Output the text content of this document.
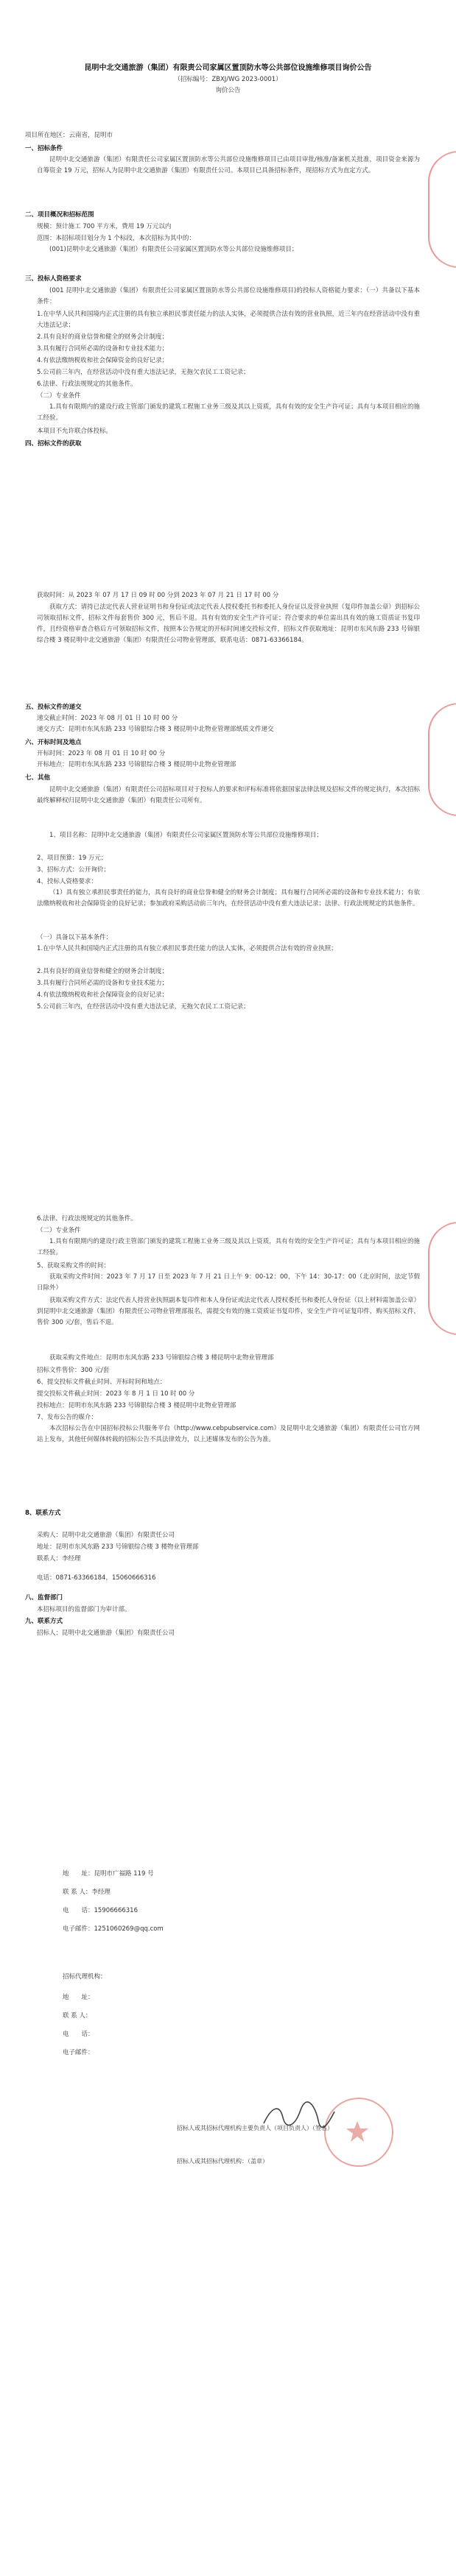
昆明中北交通旅游（集团）有限责公司家属区置顶防水等公共部位设施维修项目询价公告
（招标编号：ZBXJ/WG 2023-0001）
询价公告
项目所在地区：云南省，昆明市
一、招标条件
昆明中北交通旅游（集团）有限责任公司家属区置顶防水等公共部位设施维修项目已由项目审批/核准/备案机关批准，项目资金来源为自筹资金 19 万元，招标人为昆明中北交通旅游（集团）有限责任公司。本项目已具备招标条件，现招标方式为直定方式。
二、项目概况和招标范围
规模：预计施工 700 平方米，费用 19 万元以内
范围：本招标项目划分为 1 个标段，本次招标为其中的：
(001)昆明中北交通旅游（集团）有限责任公司家属区置顶防水等公共部位设施维修项目；
三、投标人资格要求
(001 昆明中北交通旅游（集团）有限责任公司家属区置顶防水等公共部位设施维修项目)的投标人资格能力要求：（一）共备以下基本条件：
1.在中华人民共和国境内正式注册的具有独立承担民事责任能力的法人实体，必须提供合法有效的营业执照，近三年内在经营活动中没有重大违法记录；
2.具有良好的商业信誉和健全的财务会计制度；
3.具有履行合同所必需的设备和专业技术能力；
4.有依法缴纳税收和社会保障资金的良好记录；
5.公司前三年内，在经营活动中没有重大违法记录，无拖欠农民工工资记录；
6.法律、行政法规规定的其他条件。
（二）专业条件
1.具有有限期内的建设行政主管部门颁发的建筑工程施工业务三级及其以上资质，具有有效的安全生产许可证；具有与本项目相应的施工经验。
本项目不允许联合体投标。
四、招标文件的获取
获取时间：从 2023 年 07 月 17 日 09 时 00 分到 2023 年 07 月 21 日 17 时 00 分
获取方式：请持已法定代表人营业证明书和身份证或法定代表人授权委托书和委托人身份证以及营业执照（复印件加盖公章）到招标公司领取招标文件，招标文件每套售价 300 元，售后不退。具有有效的安全生产许可证；符合要求的单位需出具有效的施工资质证书复印件，且经资格审查合格后方可领取招标文件，按照本公告规定的开标时间递交投标文件，招标文件获取地址：昆明市东风东路 233 号锦银综合楼 3 楼昆明中北交通旅游（集团）有限责任公司物业管理部，联系电话：0871-63366184。
五、投标文件的递交
递交截止时间：2023 年 08 月 01 日 10 时 00 分
递交方式：昆明市东风东路 233 号锦银综合楼 3 楼昆明中北物业管理部纸质文件递交
六、开标时间及地点
开标时间：2023 年 08 月 01 日 10 时 00 分
开标地点：昆明市东风东路 233 号锦银综合楼 3 楼昆明中北物业管理部
七、其他
昆明中北交通旅游（集团）有限责任公司招标项目对于投标人的要求和评标标准将依据国家法律法规及招标文件的规定执行，本次招标最终解释权归昆明中北交通旅游（集团）有限责任公司所有。
1、项目名称：昆明中北交通旅游（集团）有限责任公司家属区置顶防水等公共部位设施维修项目；
2、项目预算：19 万元；
3、招标方式：公开询价；
4、投标人资格要求：
（1）具有独立承担民事责任的能力，具有良好的商业信誉和健全的财务会计制度；具有履行合同所必需的设备和专业技术能力；有依法缴纳税收和社会保障资金的良好记录；参加政府采购活动前三年内，在经营活动中没有重大违法记录；法律、行政法规规定的其他条件。
（一）具备以下基本条件：
1.在中华人民共和国境内正式注册的具有独立承担民事责任能力的法人实体，必须提供合法有效的营业执照；
2.具有良好的商业信誉和健全的财务会计制度；
3.具有履行合同所必需的设备和专业技术能力；
4.有依法缴纳税收和社会保障资金的良好记录；
5.公司前三年内，在经营活动中没有重大违法记录，无拖欠农民工工资记录；
6.法律、行政法规规定的其他条件。
（二）专业条件
1.具有有限期内的建设行政主管部门颁发的建筑工程施工业务三级及其以上资质，具有有效的安全生产许可证；具有与本项目相应的施工经验。
5、获取采购文件的时间：
获取采购文件时间：2023 年 7 月 17 日至 2023 年 7 月 21 日上午 9：00-12：00，下午 14：30-17：00（北京时间，法定节假日除外）
获取采购文件方式：法定代表人持营业执照副本复印件和本人身份证或法定代表人授权委托书和委托人身份证（以上材料需加盖公章）到昆明中北交通旅游（集团）有限责任公司物业管理部报名，需提交有效的施工资质证书复印件，安全生产许可证复印件，购买招标文件，售价 300 元/套，售后不退。
获取采购文件地点：昆明市东风东路 233 号锦银综合楼 3 楼昆明中北物业管理部
招标文件售价：300 元/套
6、提交投标文件截止时间、开标时间和地点：
提交投标文件截止时间：2023 年 8 月 1 日 10 时 00 分
投标地点：昆明市东风东路 233 号锦银综合楼 3 楼昆明中北物业管理部
7、发布公告的媒介：
本次招标公告在中国招标投标公共服务平台（http://www.cebpubservice.com）及昆明中北交通旅游（集团）有限责任公司官方网站上发布，其他任何媒体转载的招标公告不具法律效力，以上述媒体发布的公告为准。
8、联系方式
采购人：昆明中北交通旅游（集团）有限责任公司
地址：昆明市东风东路 233 号锦银综合楼 3 楼物业管理部
联系人：李经理
电话：0871-63366184，15060666316
八、监督部门
本招标项目的监督部门为审计部。
九、联系方式
招标人：昆明中北交通旅游（集团）有限责任公司
地　　址：昆明市广福路 119 号
联 系 人：李经理
电　　话：15906666316
电子邮件：1251060269@qq.com
招标代理机构：
地　　址：
联 系 人：
电　　话：
电子邮件：
招标人或其招标代理机构主要负责人（项目负责人）（签名）
招标人或其招标代理机构：（盖章）
